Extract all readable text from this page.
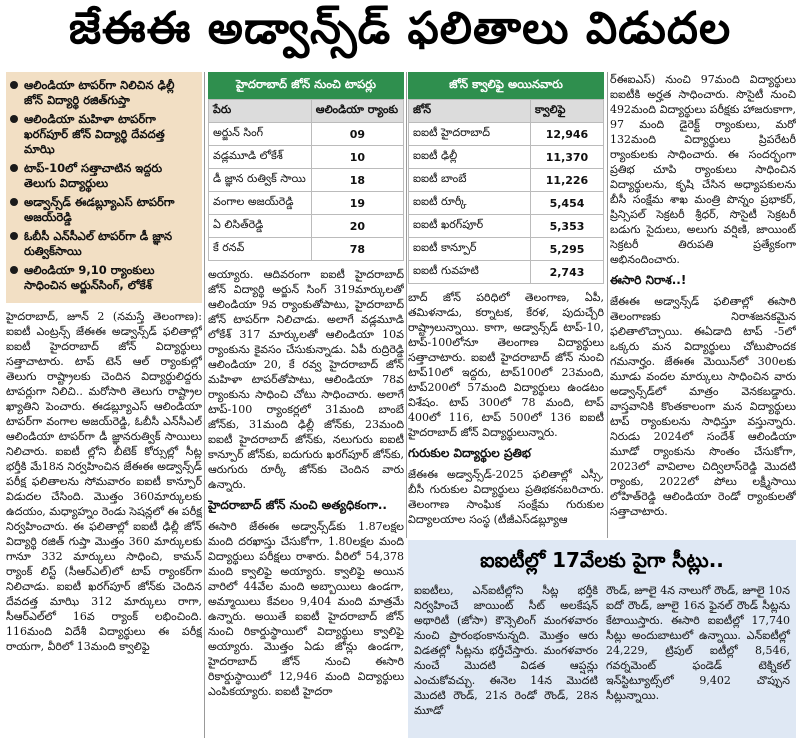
జేఈఈ అడ్వాన్స్‌డ్ ఫలితాలు విడుదల
ఆలిండియా టాపర్‌గా నిలిచిన ఢిల్లీ జోన్ విద్యార్థి రజిత్‌గుప్తా
ఆలిండియా మహిళా టాపర్‌గా ఖరగ్‌పూర్ జోన్ విద్యార్థి దేవదత్త మాఝి
టాప్-10లో సత్తాచాటిన ఇద్దరు తెలుగు విద్యార్థులు
అడ్వాన్స్‌డ్ ఈడబ్ల్యూఎస్ టాపర్‌గా అజయ్‌రెడ్డి
ఓబీసీ ఎన్‌సీఎల్ టాపర్‌గా డీ జ్ఞాన రుత్విక్‌సాయి
ఆలిండియా 9,10 ర్యాంకులు సాధించిన అర్జున్‌సింగ్, లోకేశ్

హైదరాబాద్, జూన్ 2 (నమస్తే తెలంగాణ): ఐఐటీ ఎంట్రన్స్ జేఈఈ అడ్వాన్స్‌డ్ ఫలితాల్లో ఐఐటీ హైదరాబాద్ జోన్ విద్యార్థులు సత్తాచాటారు. టాప్ టెన్ ఆల్ ర్యాంకుల్లో తెలుగు రాష్ట్రాలకు చెందిన విద్యార్థులిద్దరు టాపర్లుగా నిలిచి.. మరోసారి తెలుగు రాష్ట్రాల ఖ్యాతిని పెంచారు. ఈడబ్ల్యూఎస్ ఆలిండియా టాపర్‌గా వంగాల అజయ్‌రెడ్డి, ఓబీసీ ఎన్‌సీఎల్ ఆలిండియా టాపర్‌గా డీ జ్ఞానరుత్విక్ సాయిలు నిలిచారు. ఐఐటీ ల్లోని బీటెక్ కోర్సుల్లో సీట్ల భర్తీకి మే18న నిర్వహించిన జేఈఈ అడ్వాన్స్‌డ్ పరీక్ష ఫలితాలను సోమవారం ఐఐటీ కాన్పూర్ విడుదల చేసింది. మొత్తం 360మార్కులకు ఉదయం, మధ్యాహ్నం రెండు సెషన్లలో ఈ పరీక్ష నిర్వహించారు. ఈ ఫలితాల్లో ఐఐటీ ఢిల్లీ జోన్ విద్యార్థి రజిత్ గుప్తా మొత్తం 360 మార్కులకు గానూ 332 మార్కులు సాధించి, కామన్ ర్యాంక్ లిస్ట్ (సీఆర్‌ఎల్)లో టాప్ ర్యాంకర్‌గా నిలిచాడు. ఐఐటీ ఖరగ్‌పూర్ జోన్‌కు చెందిన దేవదత్త మాఝి 312 మార్కులు రాగా, సీఆర్‌ఎల్‌లో 16వ ర్యాంక్ లభించింది. 116మంది విదేశీ విద్యార్థులు ఈ పరీక్ష రాయగా, వీరిలో 13మంది క్వాలిఫై

హైదరాబాద్ జోన్ నుంచి టాపర్లు
పేరు	ఆలిండియా ర్యాంకు
అర్జున్ సింగ్	09
వడ్లమూడి లోకేశ్	10
డీ జ్ఞాన రుత్విక్ సాయి	18
వంగాల అజయ్‌రెడ్డి	19
ఏ లిసిత్‌రెడ్డి	20
కే రనవ్	78

అయ్యారు. ఆదివరంగా ఐఐటీ హైదరాబాద్ జోన్ విద్యార్థి అర్జున్ సింగ్ 319మార్కులతో ఆలిండియా 9వ ర్యాంకుతోపాటు, హైదరాబాద్ జోన్ టాపర్‌గా నిలిచాడు. అలాగే వడ్లమూడి లోకేశ్ 317 మార్కులతో ఆలిండియా 10వ ర్యాంకును కైవసం చేసుకున్నాడు. ఏపీ రుద్రిరెడ్డి ఆలిండియా 20, కే రవ్వ హైదరాబాద్ జోన్ మహిళా టాపర్‌తోపాటు, ఆలిండియా 78వ ర్యాంకును సాధించి చోటు సాధించారు. అలాగే టాప్-100 ర్యాంకర్లలో 31మంది బాంబే జోన్‌కు, 31మంది ఢిల్లీ జోన్‌కు, 23మంది ఐఐటీ హైదరాబాద్ జోన్‌కు, నలుగురు ఐఐటీ కాన్పూర్ జోన్‌కు, ఐదుగురు ఖరగ్‌పూర్ జోన్‌కు, ఆరుగురు రూర్కీ జోన్‌కు చెందిన వారు ఉన్నారు.

హైదరాబాద్ జోన్ నుంచి అత్యధికంగా..

ఈసారి జేఈఈ అడ్వాన్స్‌డ్‌కు 1.87లక్షల మంది దరఖాస్తు చేసుకోగా, 1.80లక్షల మంది విద్యార్థులు పరీక్షలు రాశారు. వీరిలో 54,378 మంది క్వాలిఫై అయ్యారు. క్వాలిఫై అయిన వారిలో 44వేల మంది అబ్బాయిలు ఉండగా, అమ్మాయిలు కేవలం 9,404 మంది మాత్రమే ఉన్నారు. అయితే ఐఐటీ హైదరాబాద్ జోన్ నుంచి రికార్డుస్థాయిలో విద్యార్థులు క్వాలిఫై అయ్యారు. మొత్తం ఏడు జోన్లు ఉండగా, హైదరాబాద్ జోన్ నుంచి ఈసారి రికార్డుస్థాయిలో 12,946 మంది విద్యార్థులు ఎంపికయ్యారు. ఐఐటీ హైదరా

జోన్ క్వాలిఫై అయినవారు
జోన్	క్వాలిఫై
ఐఐటీ హైదరాబాద్	12,946
ఐఐటీ ఢిల్లీ	11,370
ఐఐటీ బాంబే	11,226
ఐఐటీ రూర్కీ	5,454
ఐఐటీ ఖరగ్‌పూర్	5,353
ఐఐటీ కాన్పూర్	5,295
ఐఐటీ గువహటి	2,743

బాద్ జోన్ పరిధిలో తెలంగాణ, ఏపీ, తమిళనాడు, కర్నాటక, కేరళ, పుదుచ్చేరి రాష్ట్రాలున్నాయి. కాగా, అడ్వాన్స్‌డ్ టాప్-10, టాప్-100లోనూ తెలంగాణ విద్యార్థులు సత్తాచాటారు. ఐఐటీ హైదరాబాద్ జోన్ నుంచి టాప్10లో ఇద్దరు, టాప్100లో 23మంది, టాప్200లో 57మంది విద్యార్థులు ఉండటం విశేషం. టాప్ 300లో 78 మంది, టాప్ 400లో 116, టాప్ 500లో 136 ఐఐటీ హైదరాబాద్ జోన్ విద్యార్థులున్నారు.

గురుకుల విద్యార్థుల ప్రతిభ

జేఈఈ అడ్వాన్స్‌డ్-2025 ఫలితాల్లో ఎస్సీ, బీసీ గురుకుల విద్యార్థులు ప్రతిభకనబరిచారు. తెలంగాణ సాంఘిక సంక్షేమ గురుకుల విద్యాలయాల సంస్థ (టీజీఎస్‌డబ్ల్యూఆ

ర్‌ఈఐఎస్) నుంచి 97మంది విద్యార్థులు ఐఐటీకి అర్హత సాధించారు. సొసైటీ నుంచి 492మంది విద్యార్థులు పరీక్షకు హాజరుకాగా, 97 మంది డైరెక్ట్ ర్యాంకులు, మరో 132మంది విద్యార్థులు ప్రిపరేటరీ ర్యాంకులకు సాధించారు. ఈ సందర్భంగా ప్రతిభ చూపి ర్యాంకులు సాధించిన విద్యార్థులను, కృషి చేసిన అధ్యాపకులను బీసీ సంక్షేమ శాఖ మంత్రి పొన్నం ప్రభాకర్, ప్రిన్సిపల్ సెక్రటరీ శ్రీధర్, సొసైటీ సెక్రటరీ బడుగు సైదులు, అలుగు వర్షిణి, జాయింట్ సెక్రటరీ తిరుపతి ప్రత్యేకంగా అభినందించారు.

ఈసారి నిరాశ..!

జేఈఈ అడ్వాన్స్‌డ్ ఫలితాల్లో ఈసారి తెలంగాణకు నిరాశజనకమైన ఫలితాలొచ్చాయి. ఈఏడాది టాప్ -5లో ఒక్కరు మన విద్యార్థులు చోటుపొందక గమనార్హం. జేఈఈ మెయిన్‌లో 300లకు మూడు వందల మార్కులు సాధించిన వారు అడ్వాన్స్‌డ్‌లో మాత్రం వెనకబడ్డారు. వాస్తవానికి కొంతకాలంగా మన విద్యార్థులు టాప్ ర్యాంకులను సాధిస్తూ వస్తున్నారు. నిరుడు 2024లో సందేశ్ ఆలిండియా మూడో ర్యాంకును సొంతం చేసుకోగా, 2023లో వావిలాల చిద్విలాస్‌రెడ్డి మొదటి ర్యాంకు, 2022లో పోలు లక్ష్మీసాయి లోహిత్‌రెడ్డి ఆలిండియా రెండో ర్యాంకులతో సత్తాచాటారు.

ఐఐటీల్లో 17వేలకు పైగా సీట్లు..

ఐఐటీలు, ఎన్‌ఐటీల్లోని సీట్ల భర్తీకి నిర్వహించే జాయింట్ సీట్ అలకేషన్ అథారిటీ (జోసా) కౌన్సెలింగ్ మంగళవారం నుంచి ప్రారంభంకానున్నది. మొత్తం ఆరు విడతల్లో సీట్లను భర్తీచేస్తారు. మంగళవారం నుంచే మొదటి విడత ఆప్షన్లు ఎంచుకోవచ్చు. ఈనెల 14న మొదటి మొదటి రౌండ్, 21న రెండో రౌండ్, 28న మూడో

రౌండ్, జూలై 4న నాలుగో రౌండ్, జూలై 10న ఐదో రౌండ్, జూలై 16న ఫైనల్ రౌండ్ సీట్లను కేటాయిస్తారు. ఈసారి ఐఐటీల్లో 17,740 సీట్లు అందుబాటులో ఉన్నాయి. ఎన్‌ఐటీల్లో 24,229, ట్రిపుల్ ఐటీల్లో 8,546, గవర్నమెంట్ ఫండెడ్ టెక్నికల్ ఇన్‌స్టిట్యూట్స్‌లో 9,402 చొప్పున సీట్లున్నాయి.
